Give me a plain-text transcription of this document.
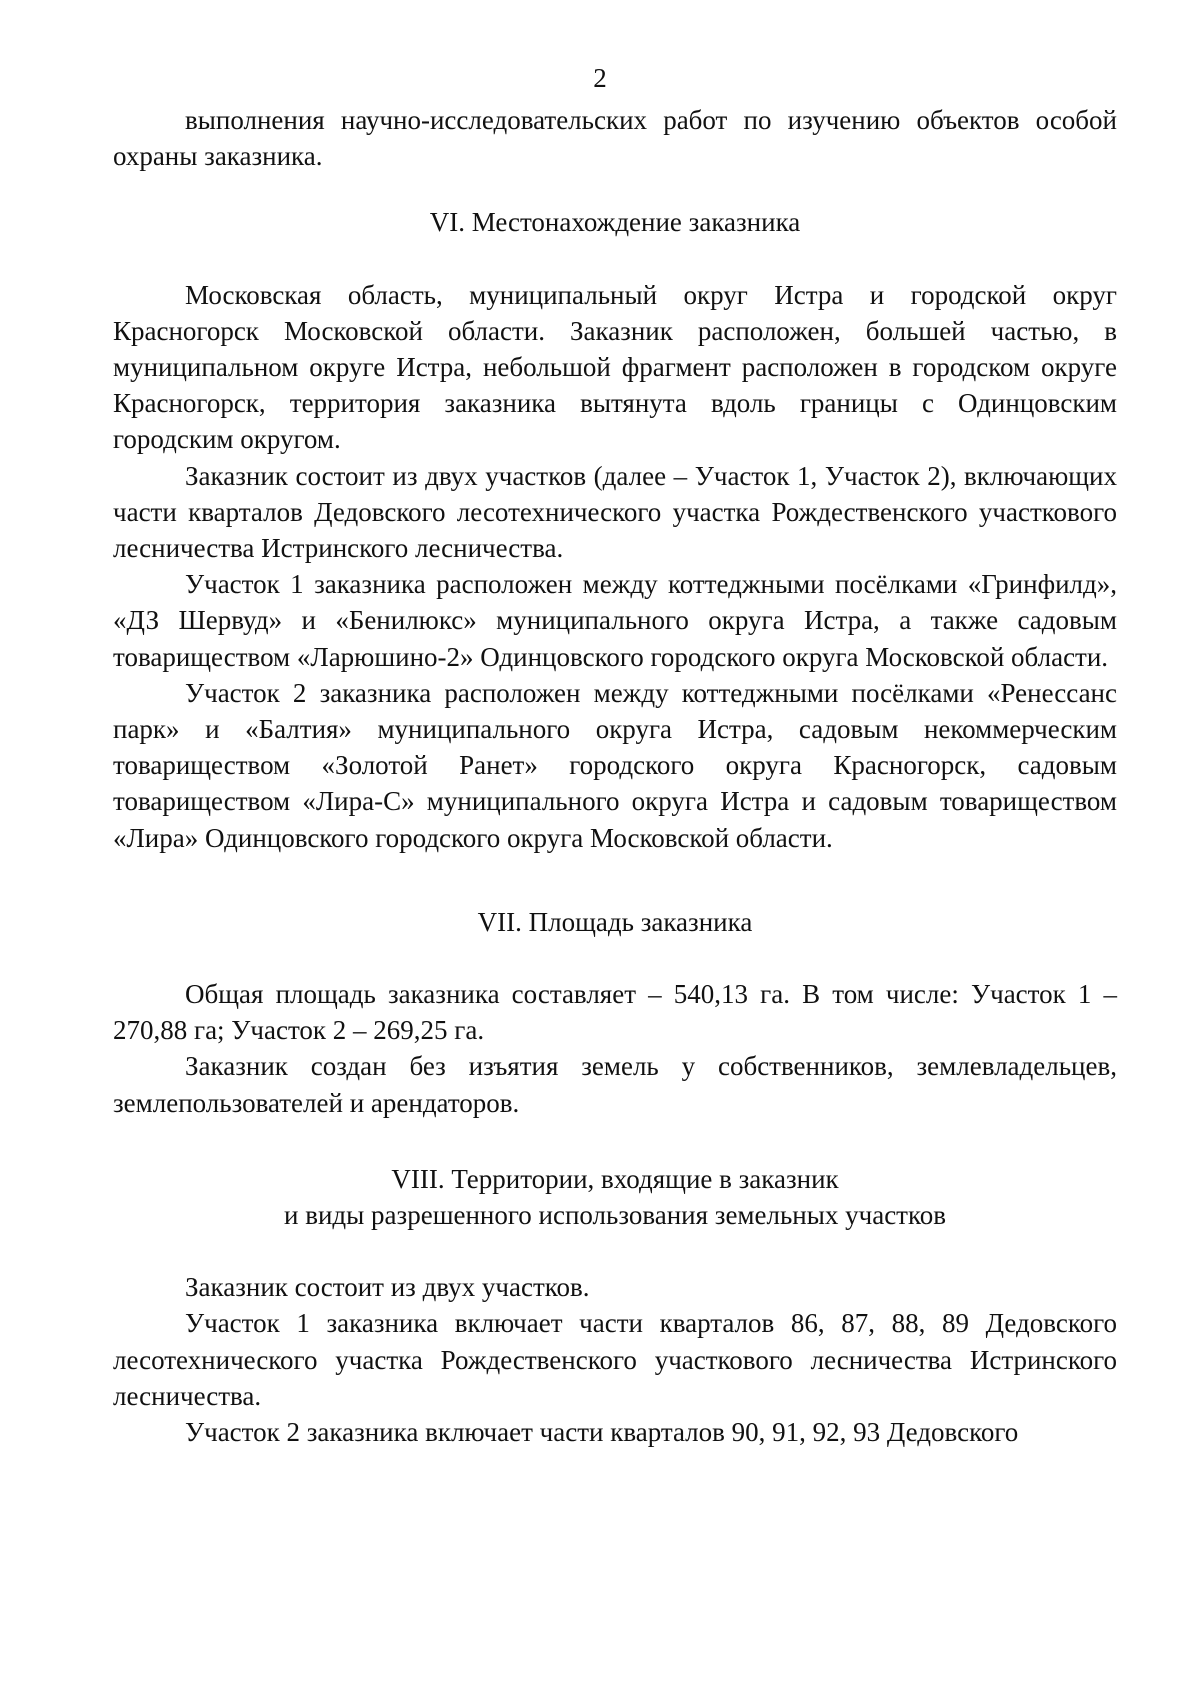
2

выполнения научно-исследовательских работ по изучению объектов особой охраны заказника.

VI. Местонахождение заказника

Московская область, муниципальный округ Истра и городской округ Красногорск Московской области. Заказник расположен, большей частью, в муниципальном округе Истра, небольшой фрагмент расположен в городском округе Красногорск, территория заказника вытянута вдоль границы с Одинцовским городским округом.

Заказник состоит из двух участков (далее – Участок 1, Участок 2), включающих части кварталов Дедовского лесотехнического участка Рождественского участкового лесничества Истринского лесничества.

Участок 1 заказника расположен между коттеджными посёлками «Гринфилд», «ДЗ Шервуд» и «Бенилюкс» муниципального округа Истра, а также садовым товариществом «Ларюшино-2» Одинцовского городского округа Московской области.

Участок 2 заказника расположен между коттеджными посёлками «Ренессанс парк» и «Балтия» муниципального округа Истра, садовым некоммерческим товариществом «Золотой Ранет» городского округа Красногорск, садовым товариществом «Лира-С» муниципального округа Истра и садовым товариществом «Лира» Одинцовского городского округа Московской области.

VII. Площадь заказника

Общая площадь заказника составляет – 540,13 га. В том числе: Участок 1 – 270,88 га; Участок 2 – 269,25 га.

Заказник создан без изъятия земель у собственников, землевладельцев, землепользователей и арендаторов.

VIII. Территории, входящие в заказник

и виды разрешенного использования земельных участков

Заказник состоит из двух участков.

Участок 1 заказника включает части кварталов 86, 87, 88, 89 Дедовского лесотехнического участка Рождественского участкового лесничества Истринского лесничества.

Участок 2 заказника включает части кварталов 90, 91, 92, 93 Дедовского
